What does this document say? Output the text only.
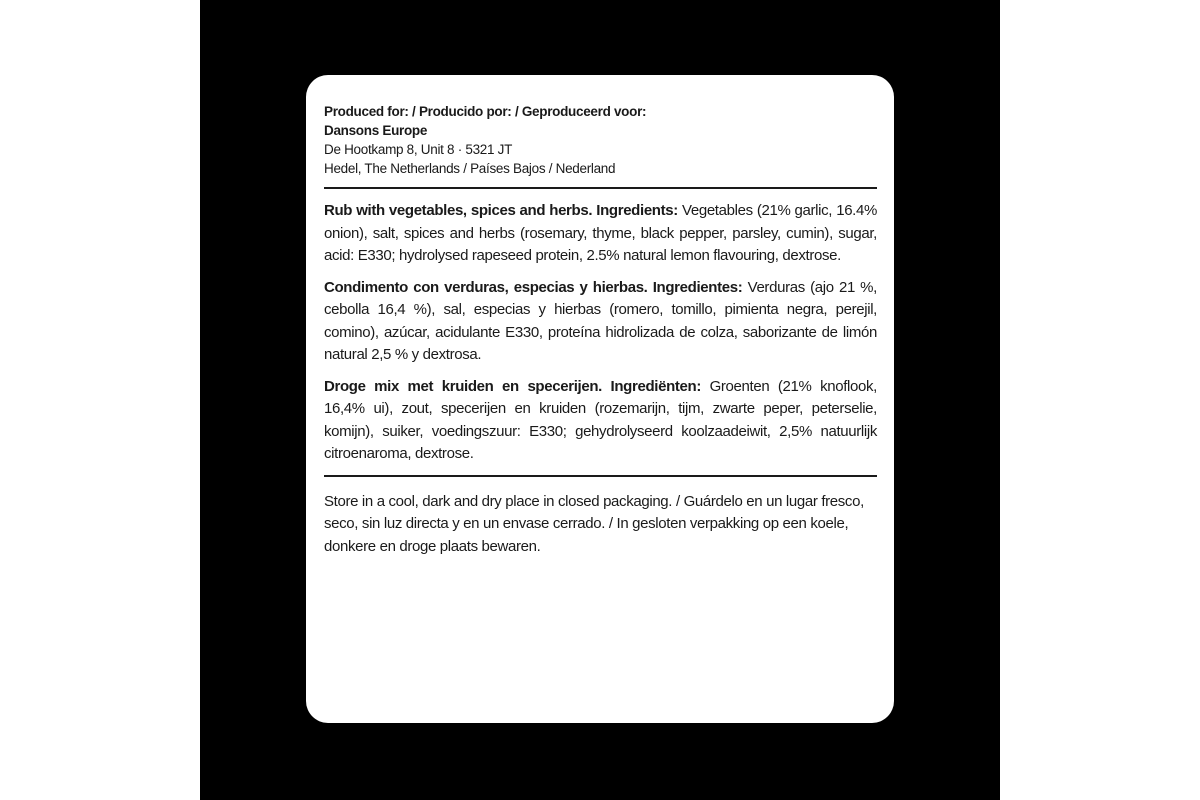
Produced for: / Producido por: / Geproduceerd voor:
Dansons Europe
De Hootkamp 8, Unit 8 · 5321 JT
Hedel, The Netherlands / Países Bajos / Nederland
Rub with vegetables, spices and herbs. Ingredients: Vegetables (21% garlic, 16.4% onion), salt, spices and herbs (rosemary, thyme, black pepper, parsley, cumin), sugar, acid: E330; hydrolysed rapeseed protein, 2.5% natural lemon flavouring, dextrose.
Condimento con verduras, especias y hierbas. Ingredientes: Verduras (ajo 21 %, cebolla 16,4 %), sal, especias y hierbas (romero, tomillo, pimienta negra, perejil, comino), azúcar, acidulante E330, proteína hidrolizada de colza, saborizante de limón natural 2,5 % y dextrosa.
Droge mix met kruiden en specerijen. Ingrediënten: Groenten (21% knoflook, 16,4% ui), zout, specerijen en kruiden (rozemarijn, tijm, zwarte peper, peterselie, komijn), suiker, voedingszuur: E330; gehydrolyseerd koolzaadeiwit, 2,5% natuurlijk citroenaroma, dextrose.
Store in a cool, dark and dry place in closed packaging. / Guárdelo en un lugar fresco, seco, sin luz directa y en un envase cerrado. / In gesloten verpakking op een koele, donkere en droge plaats bewaren.
